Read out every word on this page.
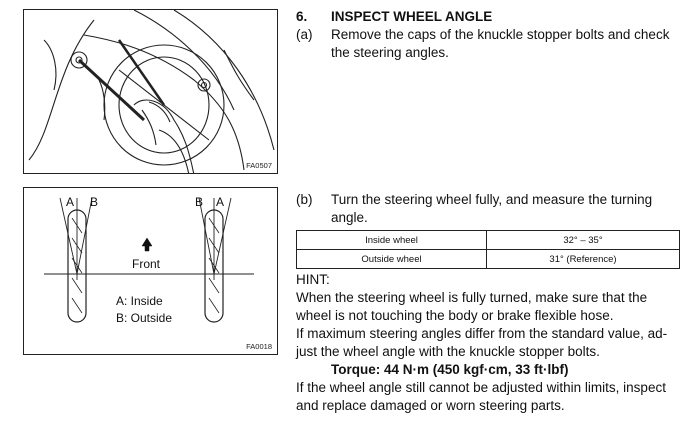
FA0507
A B	B A
Front
A: Inside
B: Outside
FA0018
6. INSPECT WHEEL ANGLE
(a) Remove the caps of the knuckle stopper bolts and check
the steering angles.
(b) Turn the steering wheel fully, and measure the turning
angle.
Inside wheel	32° – 35°
Outside wheel	31° (Reference)
HINT:
When the steering wheel is fully turned, make sure that the
wheel is not touching the body or brake flexible hose.
If maximum steering angles differ from the standard value, ad-
just the wheel angle with the knuckle stopper bolts.
Torque: 44 N·m (450 kgf·cm, 33 ft·lbf)
If the wheel angle still cannot be adjusted within limits, inspect
and replace damaged or worn steering parts.
